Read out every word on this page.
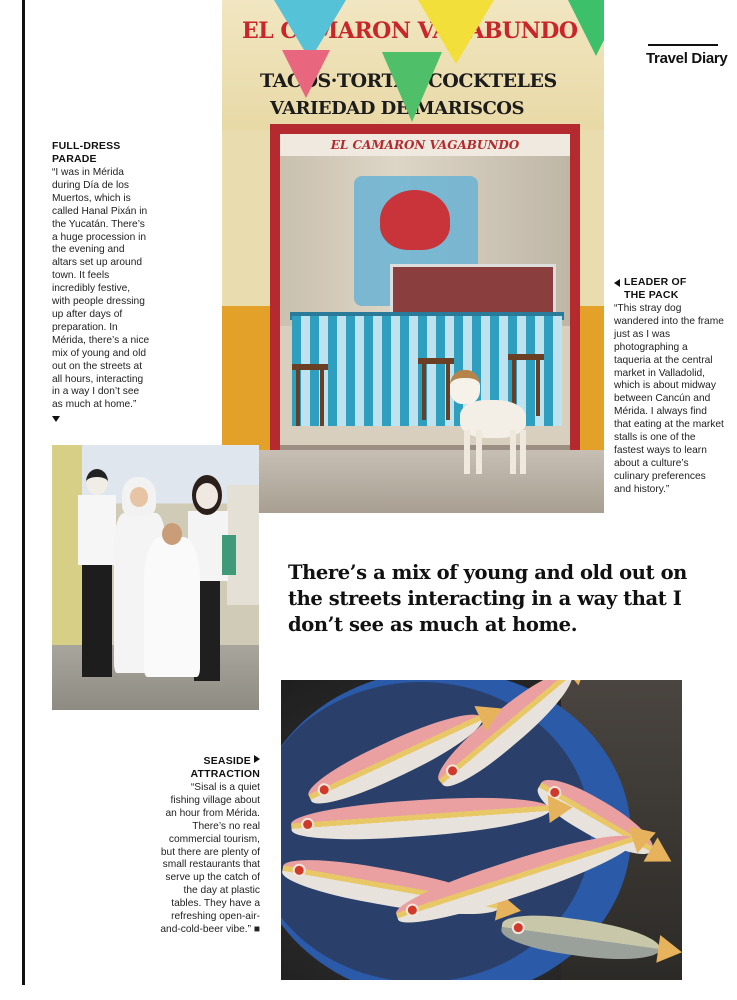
Travel Diary
FULL-DRESS
PARADE
“I was in Mérida during Día de los Muertos, which is called Hanal Pixán in the Yucatán. There’s a huge procession in the evening and altars set up around town. It feels incredibly festive, with people dressing up after days of preparation. In Mérida, there’s a nice mix of young and old out on the streets at all hours, interacting in a way I don’t see as much at home.”
LEADER OF
THE PACK
“This stray dog wandered into the frame just as I was photographing a taqueria at the central market in Valladolid, which is about midway between Cancún and Mérida. I always find that eating at the market stalls is one of the fastest ways to learn about a culture’s culinary preferences and history.”
SEASIDE
ATTRACTION
“Sisal is a quiet fishing village about an hour from Mérida. There’s no real commercial tourism, but there are plenty of small restaurants that serve up the catch of the day at plastic tables. They have a refreshing open-air-and-cold-beer vibe.” ■
There’s a mix of young and old out on the streets interacting in a way that I don’t see as much at home.
EL CAMARON VAGABUNDO
TACOS·TORTAS·COCKTELES
VARIEDAD DE MARISCOS
EL CAMARON VAGABUNDO
